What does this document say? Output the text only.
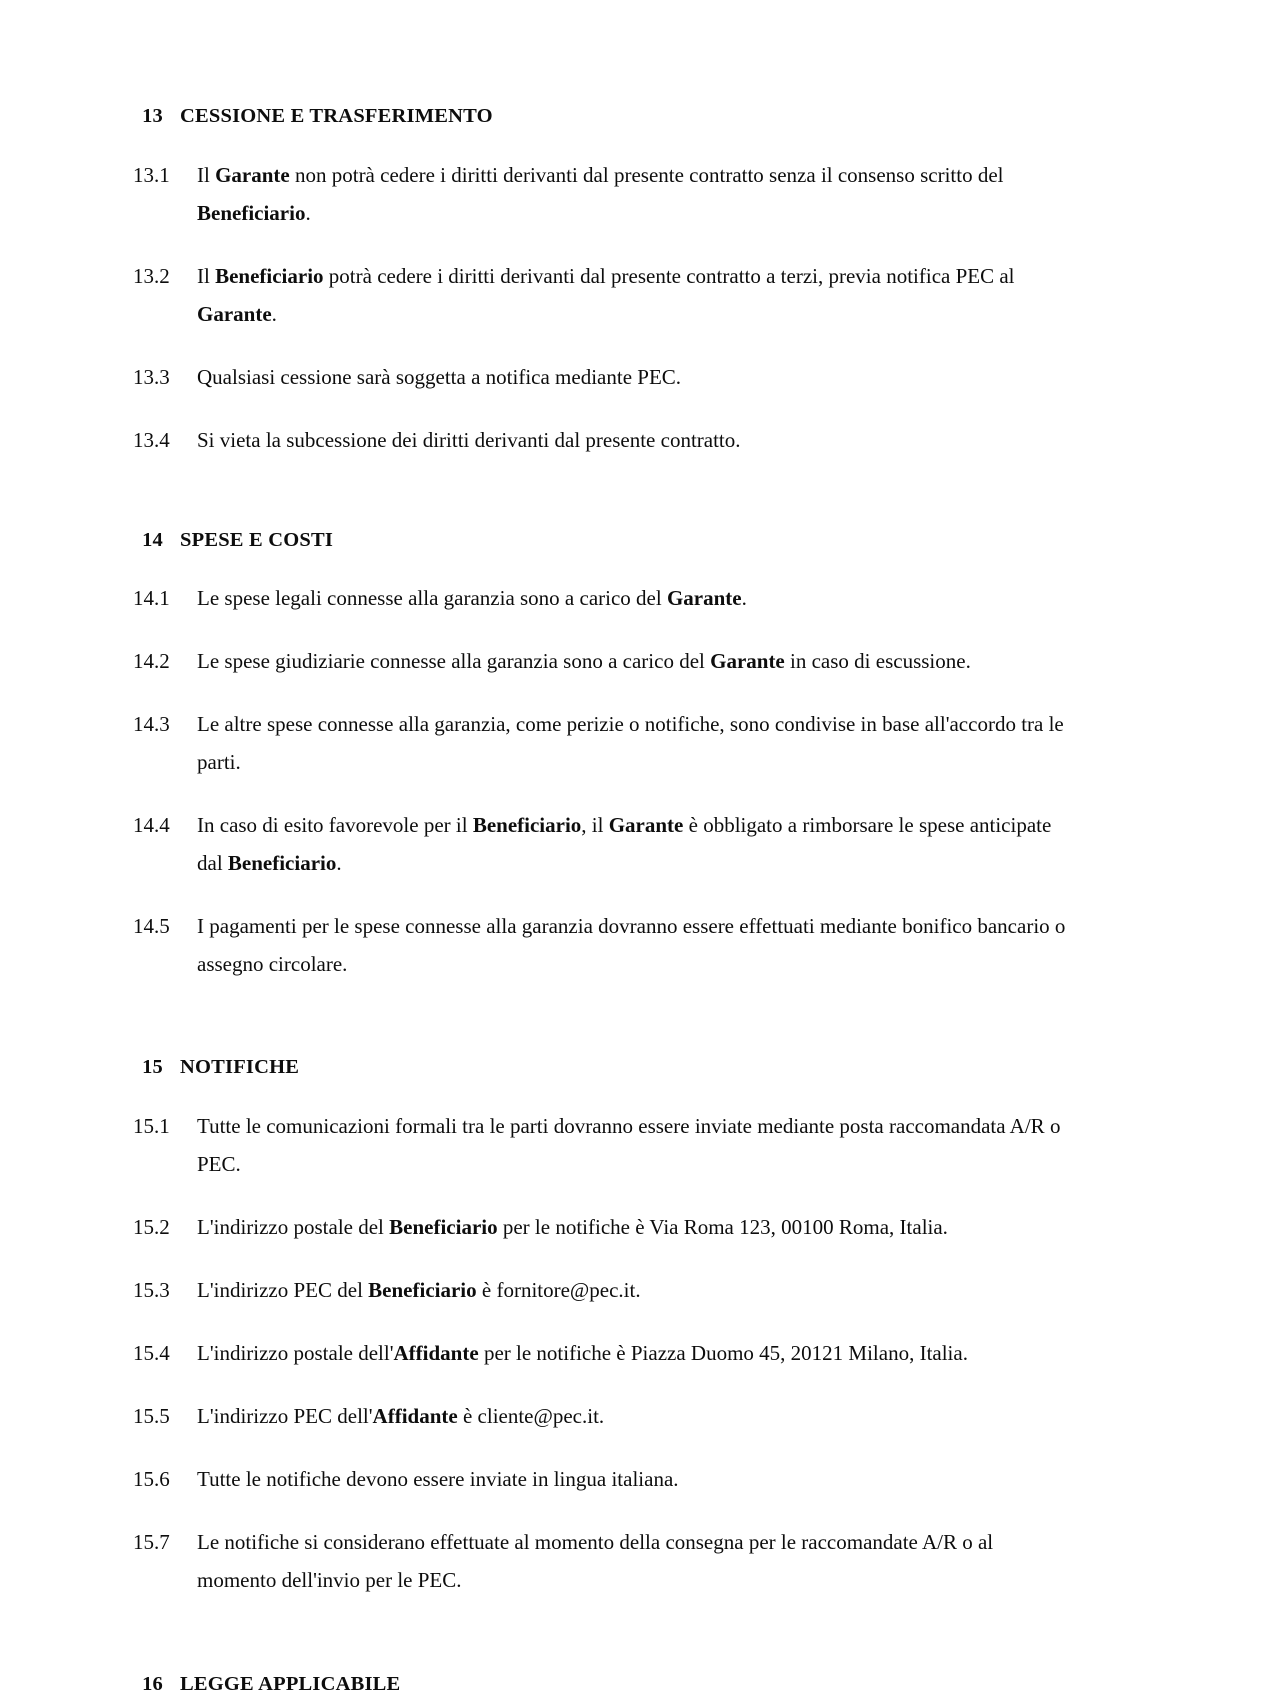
13 CESSIONE E TRASFERIMENTO
13.1	Il Garante non potrà cedere i diritti derivanti dal presente contratto senza il consenso scritto del Beneficiario.
13.2	Il Beneficiario potrà cedere i diritti derivanti dal presente contratto a terzi, previa notifica PEC al Garante.
13.3	Qualsiasi cessione sarà soggetta a notifica mediante PEC.
13.4	Si vieta la subcessione dei diritti derivanti dal presente contratto.
14 SPESE E COSTI
14.1	Le spese legali connesse alla garanzia sono a carico del Garante.
14.2	Le spese giudiziarie connesse alla garanzia sono a carico del Garante in caso di escussione.
14.3	Le altre spese connesse alla garanzia, come perizie o notifiche, sono condivise in base all'accordo tra le parti.
14.4	In caso di esito favorevole per il Beneficiario, il Garante è obbligato a rimborsare le spese anticipate dal Beneficiario.
14.5	I pagamenti per le spese connesse alla garanzia dovranno essere effettuati mediante bonifico bancario o assegno circolare.
15 NOTIFICHE
15.1	Tutte le comunicazioni formali tra le parti dovranno essere inviate mediante posta raccomandata A/R o PEC.
15.2	L'indirizzo postale del Beneficiario per le notifiche è Via Roma 123, 00100 Roma, Italia.
15.3	L'indirizzo PEC del Beneficiario è fornitore@pec.it.
15.4	L'indirizzo postale dell'Affidante per le notifiche è Piazza Duomo 45, 20121 Milano, Italia.
15.5	L'indirizzo PEC dell'Affidante è cliente@pec.it.
15.6	Tutte le notifiche devono essere inviate in lingua italiana.
15.7	Le notifiche si considerano effettuate al momento della consegna per le raccomandate A/R o al momento dell'invio per le PEC.
16 LEGGE APPLICABILE
